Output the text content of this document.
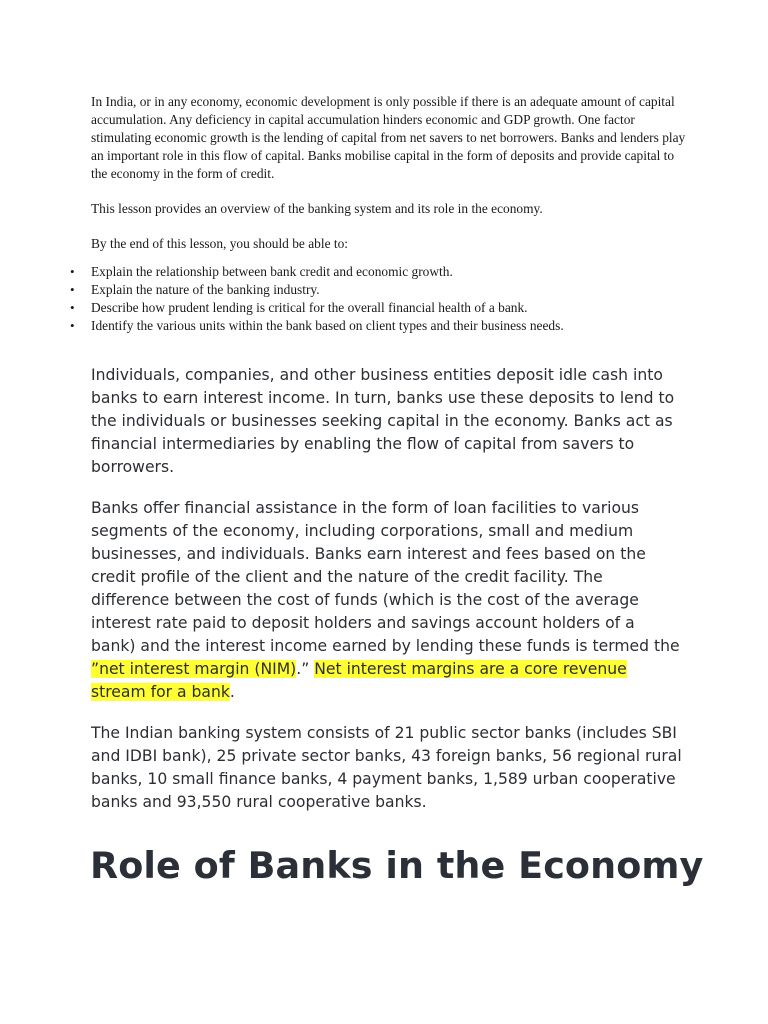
In India, or in any economy, economic development is only possible if there is an adequate amount of capital accumulation. Any deficiency in capital accumulation hinders economic and GDP growth. One factor stimulating economic growth is the lending of capital from net savers to net borrowers. Banks and lenders play an important role in this flow of capital. Banks mobilise capital in the form of deposits and provide capital to the economy in the form of credit.

This lesson provides an overview of the banking system and its role in the economy.

By the end of this lesson, you should be able to:

• Explain the relationship between bank credit and economic growth.
• Explain the nature of the banking industry.
• Describe how prudent lending is critical for the overall financial health of a bank.
• Identify the various units within the bank based on client types and their business needs.

Individuals, companies, and other business entities deposit idle cash into banks to earn interest income. In turn, banks use these deposits to lend to the individuals or businesses seeking capital in the economy. Banks act as financial intermediaries by enabling the flow of capital from savers to borrowers.

Banks offer financial assistance in the form of loan facilities to various segments of the economy, including corporations, small and medium businesses, and individuals. Banks earn interest and fees based on the credit profile of the client and the nature of the credit facility. The difference between the cost of funds (which is the cost of the average interest rate paid to deposit holders and savings account holders of a bank) and the interest income earned by lending these funds is termed the ”net interest margin (NIM).” Net interest margins are a core revenue stream for a bank.

The Indian banking system consists of 21 public sector banks (includes SBI and IDBI bank), 25 private sector banks, 43 foreign banks, 56 regional rural banks, 10 small finance banks, 4 payment banks, 1,589 urban cooperative banks and 93,550 rural cooperative banks.

Role of Banks in the Economy
